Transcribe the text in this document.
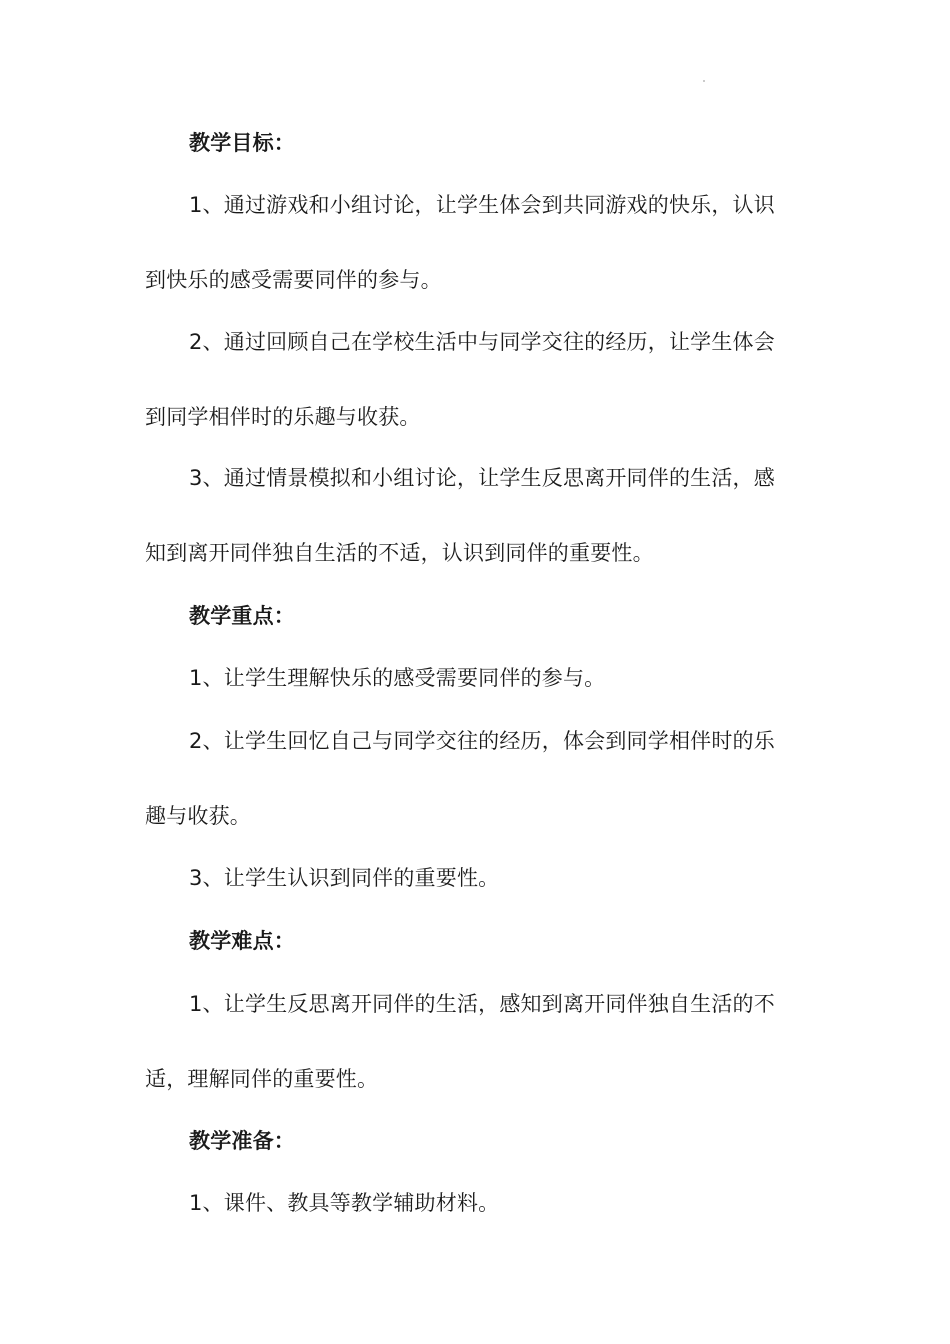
教学目标：
1、通过游戏和小组讨论，让学生体会到共同游戏的快乐，认识
到快乐的感受需要同伴的参与。
2、通过回顾自己在学校生活中与同学交往的经历，让学生体会
到同学相伴时的乐趣与收获。
3、通过情景模拟和小组讨论，让学生反思离开同伴的生活，感
知到离开同伴独自生活的不适，认识到同伴的重要性。
教学重点：
1、让学生理解快乐的感受需要同伴的参与。
2、让学生回忆自己与同学交往的经历，体会到同学相伴时的乐
趣与收获。
3、让学生认识到同伴的重要性。
教学难点：
1、让学生反思离开同伴的生活，感知到离开同伴独自生活的不
适，理解同伴的重要性。
教学准备：
1、课件、教具等教学辅助材料。
